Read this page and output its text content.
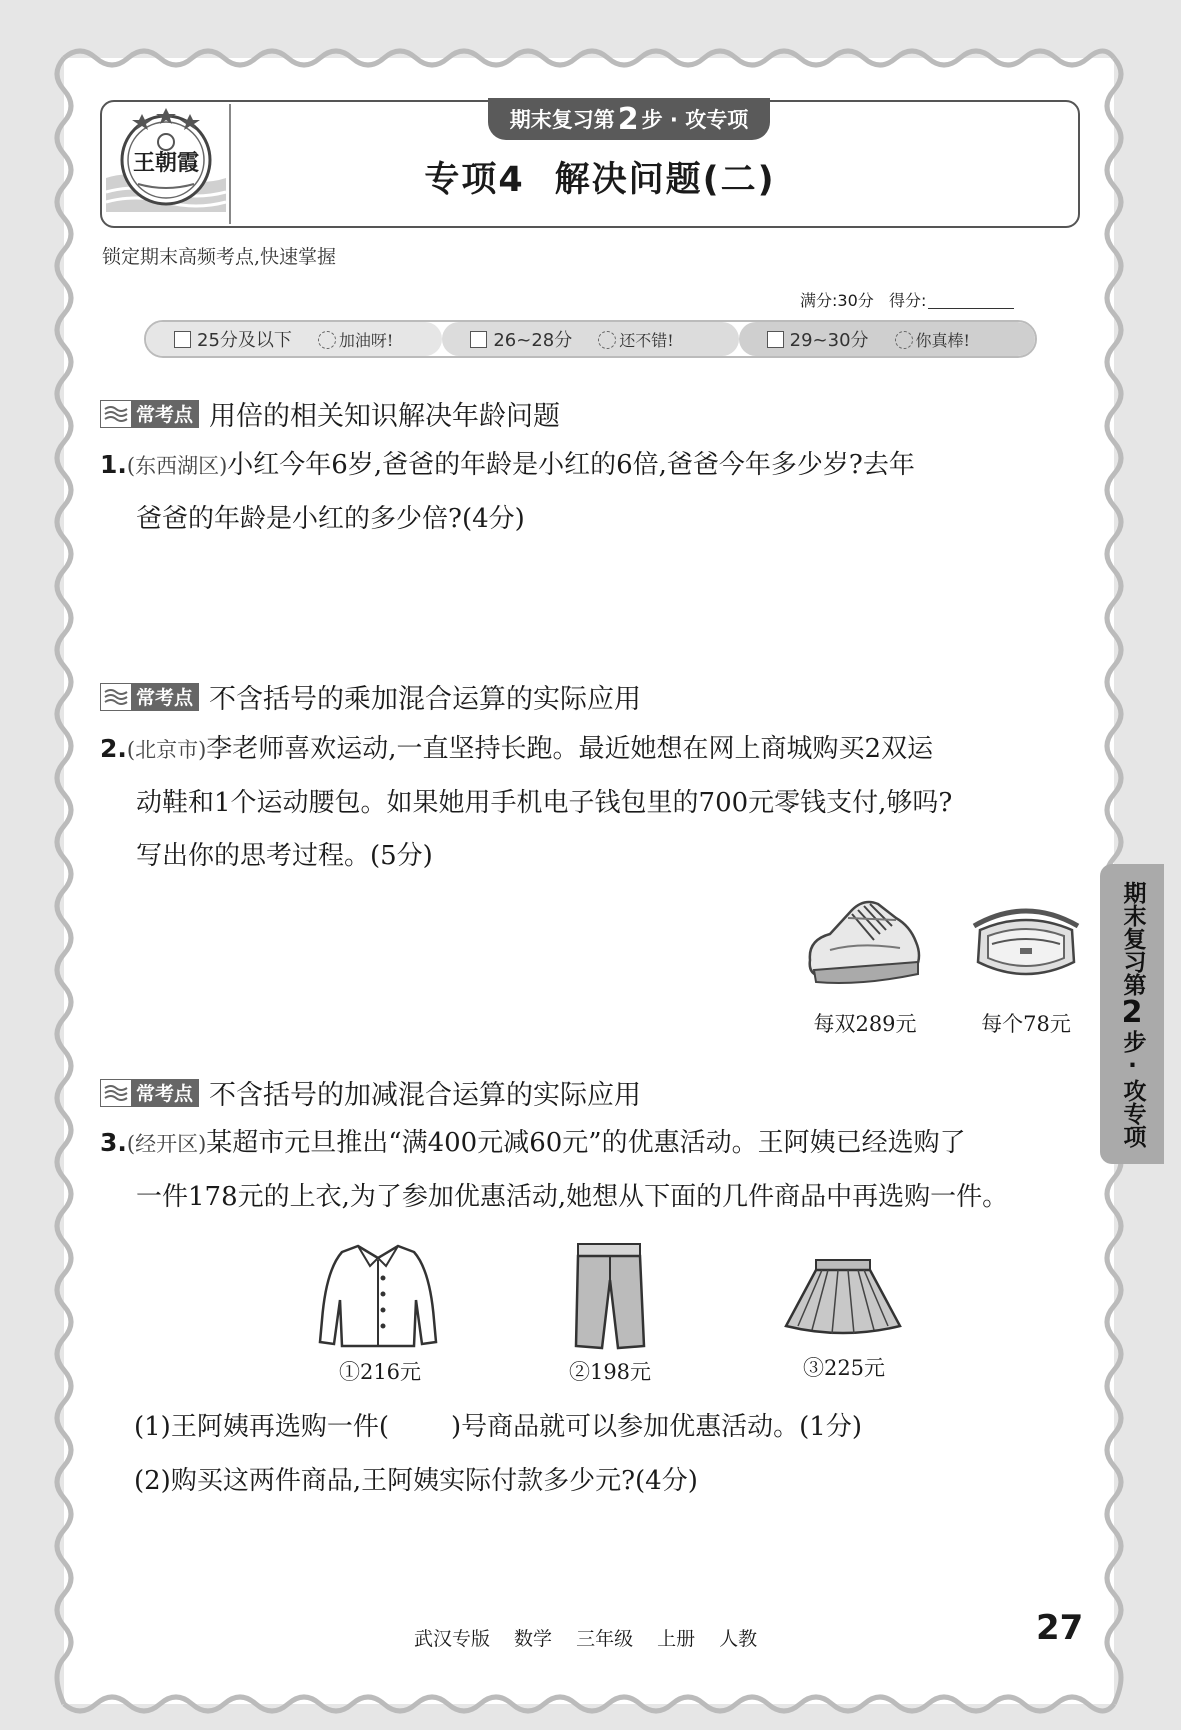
王朝霞
期末复习第 2 步 · 攻专项
专项4 解决问题(二)
锁定期末高频考点,快速掌握
满分:30分 得分:
25分及以下	加油呀!	26~28分	还不错!	29~30分	你真棒!
常考点 用倍的相关知识解决年龄问题
1.(东西湖区)小红今年6岁,爸爸的年龄是小红的6倍,爸爸今年多少岁?去年
爸爸的年龄是小红的多少倍?(4分)
常考点 不含括号的乘加混合运算的实际应用
2.(北京市)李老师喜欢运动,一直坚持长跑。最近她想在网上商城购买2双运
动鞋和1个运动腰包。如果她用手机电子钱包里的700元零钱支付,够吗?
写出你的思考过程。(5分)
每双289元	每个78元
常考点 不含括号的加减混合运算的实际应用
3.(经开区)某超市元旦推出“满400元减60元”的优惠活动。王阿姨已经选购了
一件178元的上衣,为了参加优惠活动,她想从下面的几件商品中再选购一件。
①216元	②198元	③225元
(1)王阿姨再选购一件( )号商品就可以参加优惠活动。(1分)
(2)购买这两件商品,王阿姨实际付款多少元?(4分)
期末复习第
2
步·攻专项
武汉专版 数学 三年级 上册 人教	27
